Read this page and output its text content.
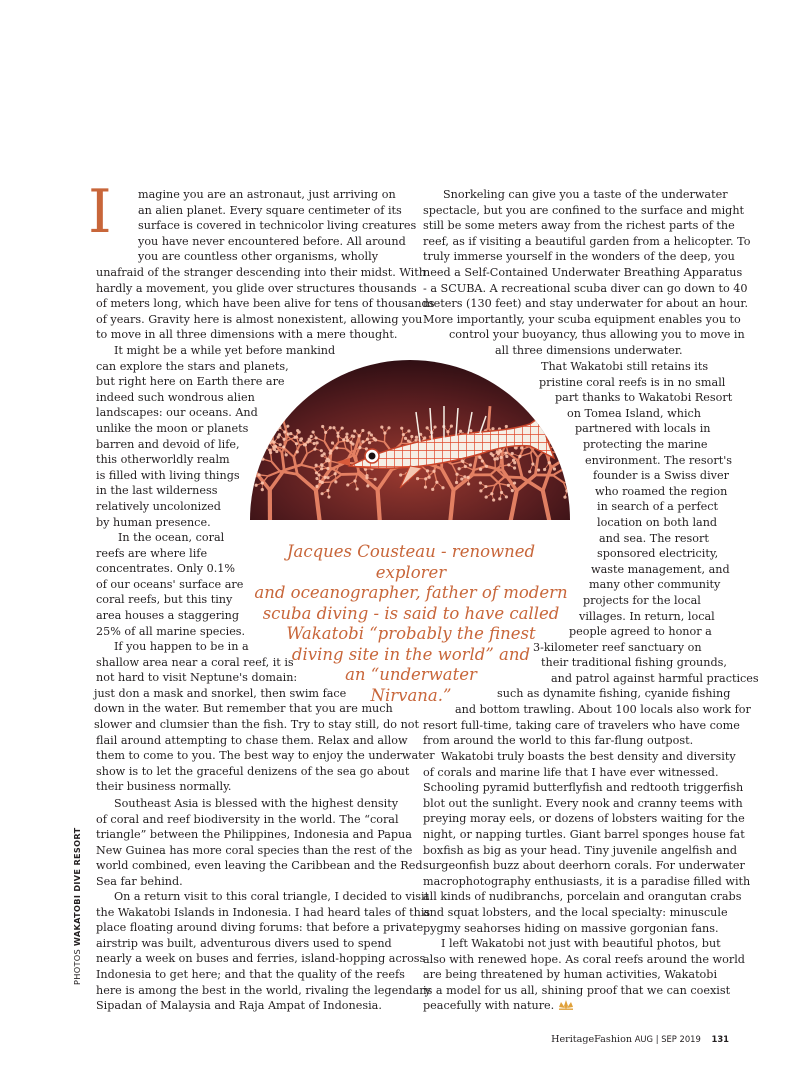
I magine you are an astronaut, just arriving on
an alien planet. Every square centimeter of its
surface is covered in technicolor living creatures
you have never encountered before. All around
you are countless other organisms, wholly
unafraid of the stranger descending into their midst. With
hardly a movement, you glide over structures thousands
of meters long, which have been alive for tens of thousands
of years. Gravity here is almost nonexistent, allowing you
to move in all three dimensions with a mere thought.
It might be a while yet before mankind
can explore the stars and planets,
but right here on Earth there are
indeed such wondrous alien
landscapes: our oceans. And
unlike the moon or planets
barren and devoid of life,
this otherworldly realm
is filled with living things
in the last wilderness
relatively uncolonized
by human presence.
In the ocean, coral
reefs are where life
concentrates. Only 0.1%
of our oceans' surface are
coral reefs, but this tiny
area houses a staggering
25% of all marine species.
If you happen to be in a
shallow area near a coral reef, it is
not hard to visit Neptune's domain:
just don a mask and snorkel, then swim face
down in the water. But remember that you are much
slower and clumsier than the fish. Try to stay still, do not
flail around attempting to chase them. Relax and allow
them to come to you. The best way to enjoy the underwater
show is to let the graceful denizens of the sea go about
their business normally.
Southeast Asia is blessed with the highest density
of coral and reef biodiversity in the world. The “coral
triangle” between the Philippines, Indonesia and Papua
New Guinea has more coral species than the rest of the
world combined, even leaving the Caribbean and the Red
Sea far behind.
On a return visit to this coral triangle, I decided to visit
the Wakatobi Islands in Indonesia. I had heard tales of this
place floating around diving forums: that before a private
airstrip was built, adventurous divers used to spend
nearly a week on buses and ferries, island-hopping across
Indonesia to get here; and that the quality of the reefs
here is among the best in the world, rivaling the legendary
Sipadan of Malaysia and Raja Ampat of Indonesia.
Snorkeling can give you a taste of the underwater
spectacle, but you are confined to the surface and might
still be some meters away from the richest parts of the
reef, as if visiting a beautiful garden from a helicopter. To
truly immerse yourself in the wonders of the deep, you
need a Self-Contained Underwater Breathing Apparatus
- a SCUBA. A recreational scuba diver can go down to 40
meters (130 feet) and stay underwater for about an hour.
More importantly, your scuba equipment enables you to
control your buoyancy, thus allowing you to move in
all three dimensions underwater.
That Wakatobi still retains its
pristine coral reefs is in no small
part thanks to Wakatobi Resort
on Tomea Island, which
partnered with locals in
protecting the marine
environment. The resort's
founder is a Swiss diver
who roamed the region
in search of a perfect
location on both land
and sea. The resort
sponsored electricity,
waste management, and
many other community
projects for the local
villages. In return, local
people agreed to honor a
3-kilometer reef sanctuary on
their traditional fishing grounds,
and patrol against harmful practices
such as dynamite fishing, cyanide fishing
and bottom trawling. About 100 locals also work for
resort full-time, taking care of travelers who have come
from around the world to this far-flung outpost.
Wakatobi truly boasts the best density and diversity
of corals and marine life that I have ever witnessed.
Schooling pyramid butterflyfish and redtooth triggerfish
blot out the sunlight. Every nook and cranny teems with
preying moray eels, or dozens of lobsters waiting for the
night, or napping turtles. Giant barrel sponges house fat
boxfish as big as your head. Tiny juvenile angelfish and
surgeonfish buzz about deerhorn corals. For underwater
macrophotography enthusiasts, it is a paradise filled with
all kinds of nudibranchs, porcelain and orangutan crabs
and squat lobsters, and the local specialty: minuscule
pygmy seahorses hiding on massive gorgonian fans.
I left Wakatobi not just with beautiful photos, but
also with renewed hope. As coral reefs around the world
are being threatened by human activities, Wakatobi
is a model for us all, shining proof that we can coexist
peacefully with nature.
Jacques Cousteau - renowned explorer
and oceanographer, father of modern
scuba diving - is said to have called
Wakatobi “probably the finest
diving site in the world” and
an “underwater
Nirvana.”
PHOTOS WAKATOBI DIVE RESORT
HeritageFashion AUG | SEP 2019 131
